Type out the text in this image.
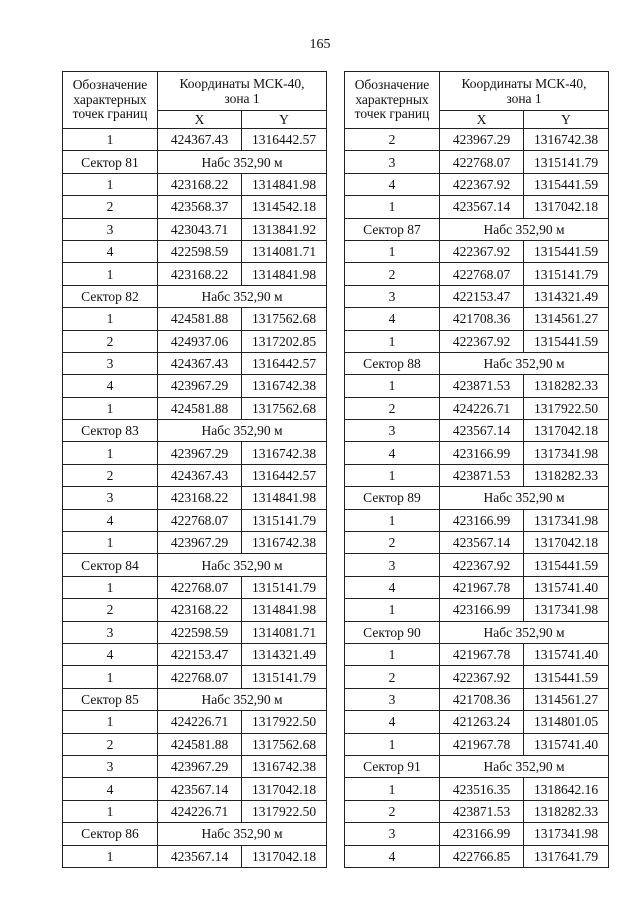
165
Обозначение
характерных
точек границ	Координаты МСК-40,
зона 1	
	X	Y
1	424367.43	1316442.57
Сектор 81	Набс 352,90 м	
1	423168.22	1314841.98
2	423568.37	1314542.18
3	423043.71	1313841.92
4	422598.59	1314081.71
1	423168.22	1314841.98
Сектор 82	Набс 352,90 м	
1	424581.88	1317562.68
2	424937.06	1317202.85
3	424367.43	1316442.57
4	423967.29	1316742.38
1	424581.88	1317562.68
Сектор 83	Набс 352,90 м	
1	423967.29	1316742.38
2	424367.43	1316442.57
3	423168.22	1314841.98
4	422768.07	1315141.79
1	423967.29	1316742.38
Сектор 84	Набс 352,90 м	
1	422768.07	1315141.79
2	423168.22	1314841.98
3	422598.59	1314081.71
4	422153.47	1314321.49
1	422768.07	1315141.79
Сектор 85	Набс 352,90 м	
1	424226.71	1317922.50
2	424581.88	1317562.68
3	423967.29	1316742.38
4	423567.14	1317042.18
1	424226.71	1317922.50
Сектор 86	Набс 352,90 м	
1	423567.14	1317042.18
Обозначение
характерных
точек границ	Координаты МСК-40,
зона 1	
	X	Y
2	423967.29	1316742.38
3	422768.07	1315141.79
4	422367.92	1315441.59
1	423567.14	1317042.18
Сектор 87	Набс 352,90 м	
1	422367.92	1315441.59
2	422768.07	1315141.79
3	422153.47	1314321.49
4	421708.36	1314561.27
1	422367.92	1315441.59
Сектор 88	Набс 352,90 м	
1	423871.53	1318282.33
2	424226.71	1317922.50
3	423567.14	1317042.18
4	423166.99	1317341.98
1	423871.53	1318282.33
Сектор 89	Набс 352,90 м	
1	423166.99	1317341.98
2	423567.14	1317042.18
3	422367.92	1315441.59
4	421967.78	1315741.40
1	423166.99	1317341.98
Сектор 90	Набс 352,90 м	
1	421967.78	1315741.40
2	422367.92	1315441.59
3	421708.36	1314561.27
4	421263.24	1314801.05
1	421967.78	1315741.40
Сектор 91	Набс 352,90 м	
1	423516.35	1318642.16
2	423871.53	1318282.33
3	423166.99	1317341.98
4	422766.85	1317641.79
